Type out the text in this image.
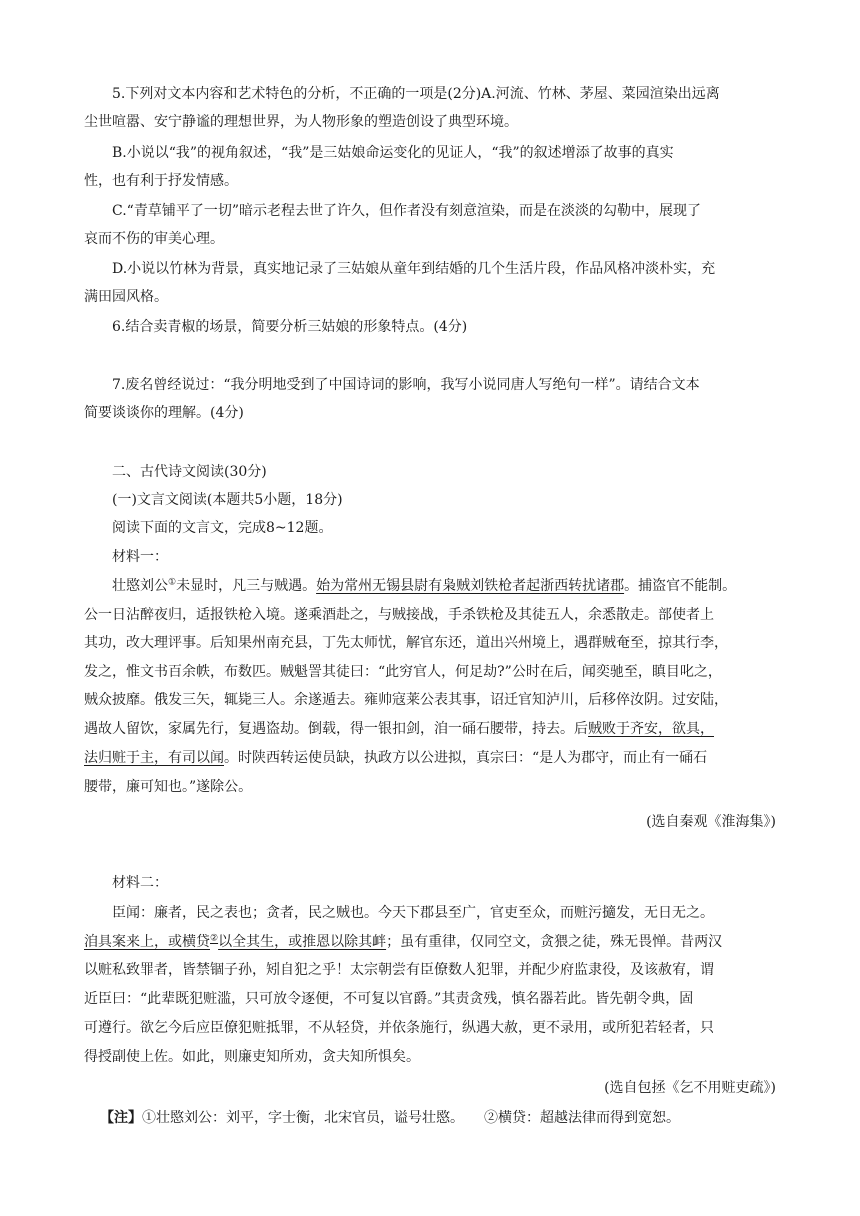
5.下列对文本内容和艺术特色的分析，不正确的一项是(2分)A.河流、竹林、茅屋、菜园渲染出远离
尘世喧嚣、安宁静谧的理想世界，为人物形象的塑造创设了典型环境。
B.小说以“我”的视角叙述，“我”是三姑娘命运变化的见证人，“我”的叙述增添了故事的真实
性，也有利于抒发情感。
C.“青草铺平了一切”暗示老程去世了许久，但作者没有刻意渲染，而是在淡淡的勾勒中，展现了
哀而不伤的审美心理。
D.小说以竹林为背景，真实地记录了三姑娘从童年到结婚的几个生活片段，作品风格冲淡朴实，充
满田园风格。
6.结合卖青椒的场景，简要分析三姑娘的形象特点。(4分)
7.废名曾经说过：“我分明地受到了中国诗词的影响，我写小说同唐人写绝句一样”。请结合文本
简要谈谈你的理解。(4分)
二、古代诗文阅读(30分)
(一)文言文阅读(本题共5小题，18分)
阅读下面的文言文，完成8~12题。
材料一：
壮愍刘公①未显时，凡三与贼遇。始为常州无锡县尉有枭贼刘铁枪者起浙西转扰诸郡。捕盗官不能制。
公一日沾醉夜归，适报铁枪入境。遂乘酒赴之，与贼接战，手杀铁枪及其徒五人，余悉散走。部使者上
其功，改大理评事。后知果州南充县，丁先太师忧，解官东还，道出兴州境上，遇群贼奄至，掠其行李，
发之，惟文书百余帙，布数匹。贼魁詈其徒曰：“此穷官人，何足劫?”公时在后，闻奕驰至，瞋目叱之，
贼众披靡。俄发三矢，辄毙三人。余遂遁去。雍帅寇莱公表其事，诏迁官知泸川，后移倅汝阴。过安陆，
遇故人留饮，家属先行，复遇盗劫。倒载，得一银扣剑，洎一硧石腰带，持去。后贼败于齐安，欲具，
法归赃于主，有司以闻。时陕西转运使员缺，执政方以公进拟，真宗曰：“是人为郡守，而止有一硧石
腰带，廉可知也。”遂除公。
(选自秦观《淮海集》)
材料二：
臣闻：廉者，民之表也；贪者，民之贼也。今天下郡县至广，官吏至众，而赃污擿发，无日无之。
洎具案来上，或横贷②以全其生，或推恩以除其衅；虽有重律，仅同空文，贪猥之徒，殊无畏惮。昔两汉
以赃私致罪者，皆禁锢子孙，矧自犯之乎！太宗朝尝有臣僚数人犯罪，并配少府监隶役，及该赦宥，谓
近臣曰：“此辈既犯赃滥，只可放令逐便，不可复以官爵。”其责贪残，慎名器若此。皆先朝令典，固
可遵行。欲乞今后应臣僚犯赃抵罪，不从轻贷，并依条施行，纵遇大赦，更不录用，或所犯若轻者，只
得授副使上佐。如此，则廉吏知所劝，贪夫知所惧矣。
(选自包拯《乞不用赃吏疏》)
【注】①壮愍刘公：刘平，字士衡，北宋官员，谥号壮愍。 ②横贷：超越法律而得到宽恕。
